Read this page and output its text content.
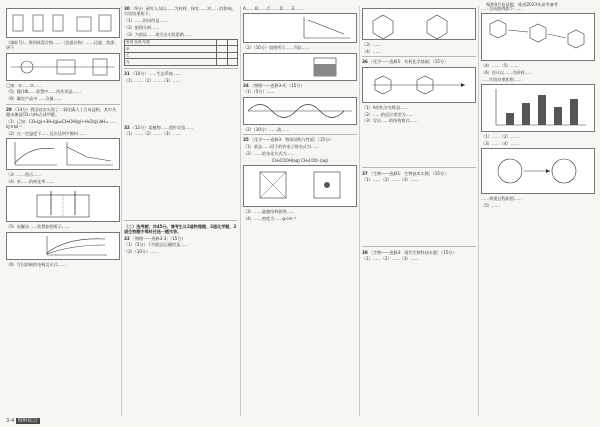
聚焦9月卷试题，推进2023年高考备考

（填标号）。将固体混合物……（仪器名称）……过滤、洗涤、烘干

已知：①……②……

（5）操作Ⅲ……装置中……的作用是……

（6）确定产品中……含量……

28 （14分）我国首次实现了二氧化碳人工合成淀粉，其中关键步骤是CO₂与H₂合成甲醇。

（1）已知：CO₂(g)+3H₂(g)⇌CH₃OH(g)+H₂O(g) ΔH=……kJ·mol⁻¹

（2）在一定温度下……反应达到平衡时……

（3）……图示……

（4）若……的转化率……

（5）电解法……装置如图所示……

（6）写出阴极的电极反应式……

30 （9分）研究人员以……为材料，探究……对……的影响，实验结果如下。

（1）……的场所是……

（2）据图分析……

（3）为验证……请写出实验思路……

组别 处理 结果		
甲		
乙		
丙		

31 （10分）……生态系统……

（1）……（2）……（3）……

32 （12分）某植物……遗传实验……

（1）……（2）……（3）……

（二）选考题：共45分。请考生从2道物理题、2道化学题、2道生物题中每科任选一题作答。

33 ［物理——选修3-3］（15分）

（1）（5分）下列说法正确的是……

（2）（10分）……

A.……B.……C.……D.……E.……

（2）（10分）如图所示……汽缸……

34 ［物理——选修3-4］（15分）

（1）（5分）……

（2）（10分）……波……

35 ［化学——选修3：物质结构与性质］（15分）

（1）基态……原子的价电子排布式为……

（2）……的杂化方式为……

CH₃COOH(aq) CH₃COO⁻(aq)

（3）……晶胞结构如图……

（4）……密度为……g·cm⁻³

（3）……

（4）……

36 ［化学——选修5：有机化学基础］（15分）

（1）A的化学名称是……

（2）……的反应类型为……

（3）写出……的结构简式……

37 ［生物——选修1：生物技术实践］（15分）

（1）……（2）……（3）……

38 ［生物——选修3：现代生物科技专题］（15分）

（1）……（2）……（3）……

……合成路线如下……

（4）……（5）……

（6）设计以……为原料……

……实验结果如图……

（1）……（2）……

（3）……（4）……

……构建过程如图……

（5）……

3-4 理科综合
